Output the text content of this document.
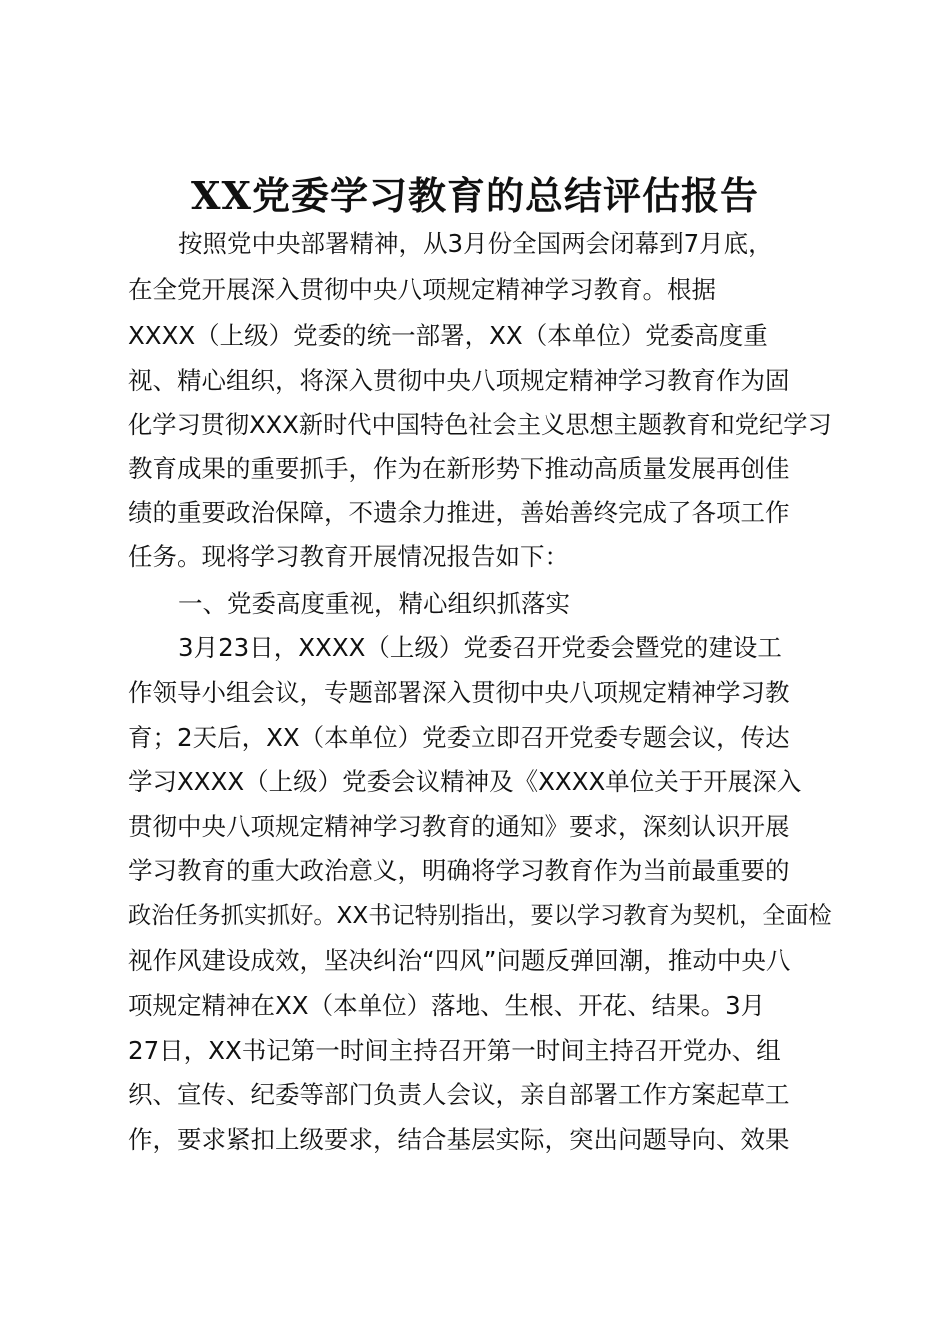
XX党委学习教育的总结评估报告

按照党中央部署精神，从3月份全国两会闭幕到7月底，

在全党开展深入贯彻中央八项规定精神学习教育。根据

XXXX（上级）党委的统一部署，XX（本单位）党委高度重

视、精心组织，将深入贯彻中央八项规定精神学习教育作为固

化学习贯彻XXX新时代中国特色社会主义思想主题教育和党纪学习

教育成果的重要抓手，作为在新形势下推动高质量发展再创佳

绩的重要政治保障，不遗余力推进，善始善终完成了各项工作

任务。现将学习教育开展情况报告如下：

一、党委高度重视，精心组织抓落实

3月23日，XXXX（上级）党委召开党委会暨党的建设工

作领导小组会议，专题部署深入贯彻中央八项规定精神学习教

育；2天后，XX（本单位）党委立即召开党委专题会议，传达

学习XXXX（上级）党委会议精神及《XXXX单位关于开展深入

贯彻中央八项规定精神学习教育的通知》要求，深刻认识开展

学习教育的重大政治意义，明确将学习教育作为当前最重要的

政治任务抓实抓好。XX书记特别指出，要以学习教育为契机，全面检

视作风建设成效，坚决纠治“四风”问题反弹回潮，推动中央八

项规定精神在XX（本单位）落地、生根、开花、结果。3月

27日，XX书记第一时间主持召开第一时间主持召开党办、组

织、宣传、纪委等部门负责人会议，亲自部署工作方案起草工

作，要求紧扣上级要求，结合基层实际，突出问题导向、效果
